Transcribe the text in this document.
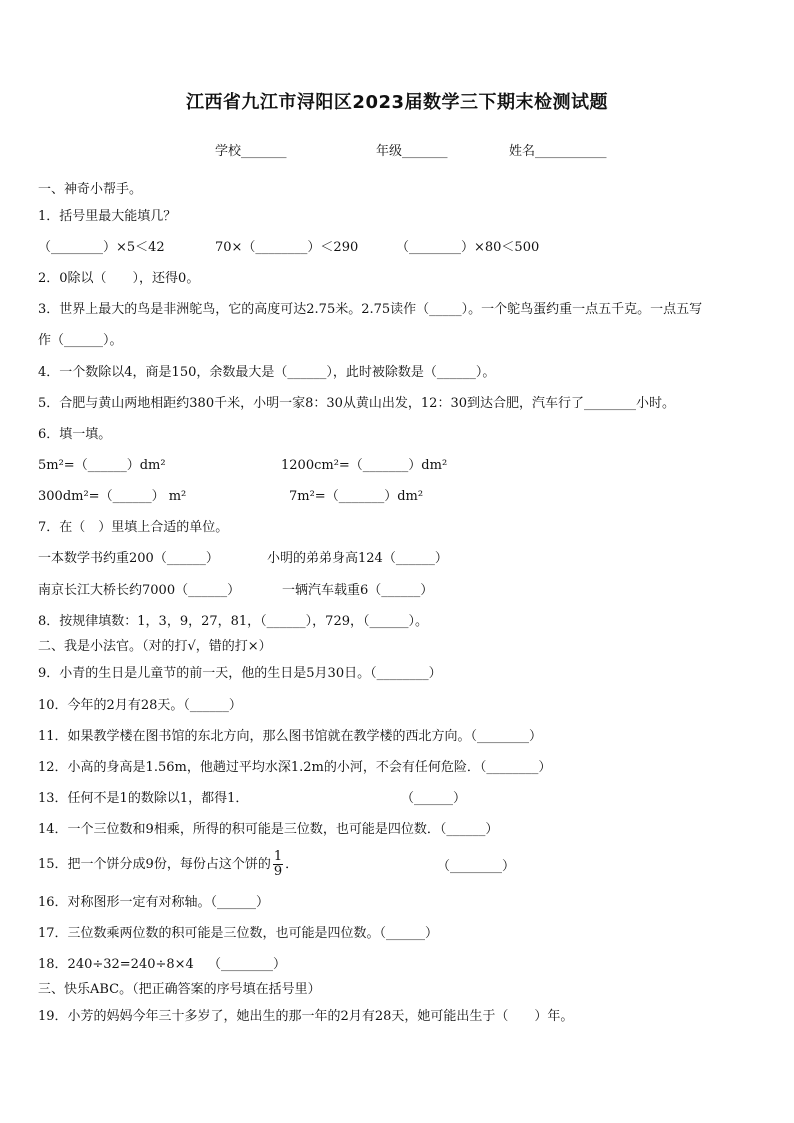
江西省九江市浔阳区2023届数学三下期末检测试题
学校_______	年级_______	姓名___________
一、神奇小帮手。
1．括号里最大能填几？
（________）×5＜42	70×（________）＜290	（________）×80＜500
2．0除以（　　），还得0。
3．世界上最大的鸟是非洲鸵鸟，它的高度可达2.75米。2.75读作（_____）。一个鸵鸟蛋约重一点五千克。一点五写
作（______）。
4．一个数除以4，商是150，余数最大是（______），此时被除数是（______）。
5．合肥与黄山两地相距约380千米，小明一家8：30从黄山出发，12：30到达合肥，汽车行了________小时。
6．填一填。
5m²=（______）dm²	1200cm²=（_______）dm²
300dm²=（______） m²	7m²=（_______）dm²
7．在（　）里填上合适的单位。
一本数学书约重200（______）	小明的弟弟身高124（______）
南京长江大桥长约7000（______）	一辆汽车载重6（______）
8．按规律填数：1，3，9，27，81，（______），729，（______）。
二、我是小法官。（对的打√，错的打×）
9．小青的生日是儿童节的前一天，他的生日是5月30日。（________）
10．今年的2月有28天。（______）
11．如果教学楼在图书馆的东北方向，那么图书馆就在教学楼的西北方向。（________）
12．小高的身高是1.56m，他趟过平均水深1.2m的小河，不会有任何危险．（________）
13．任何不是1的数除以1，都得1．	（______）
14．一个三位数和9相乘，所得的积可能是三位数，也可能是四位数．（______）
15．把一个饼分成9份，每份占这个饼的 $\frac{1}{9}$ ．	（________）
16．对称图形一定有对称轴。（______）
17．三位数乘两位数的积可能是三位数，也可能是四位数。（______）
18．240÷32=240÷8×4 （________）
三、快乐ABC。（把正确答案的序号填在括号里）
19．小芳的妈妈今年三十多岁了，她出生的那一年的2月有28天，她可能出生于（　　）年。
